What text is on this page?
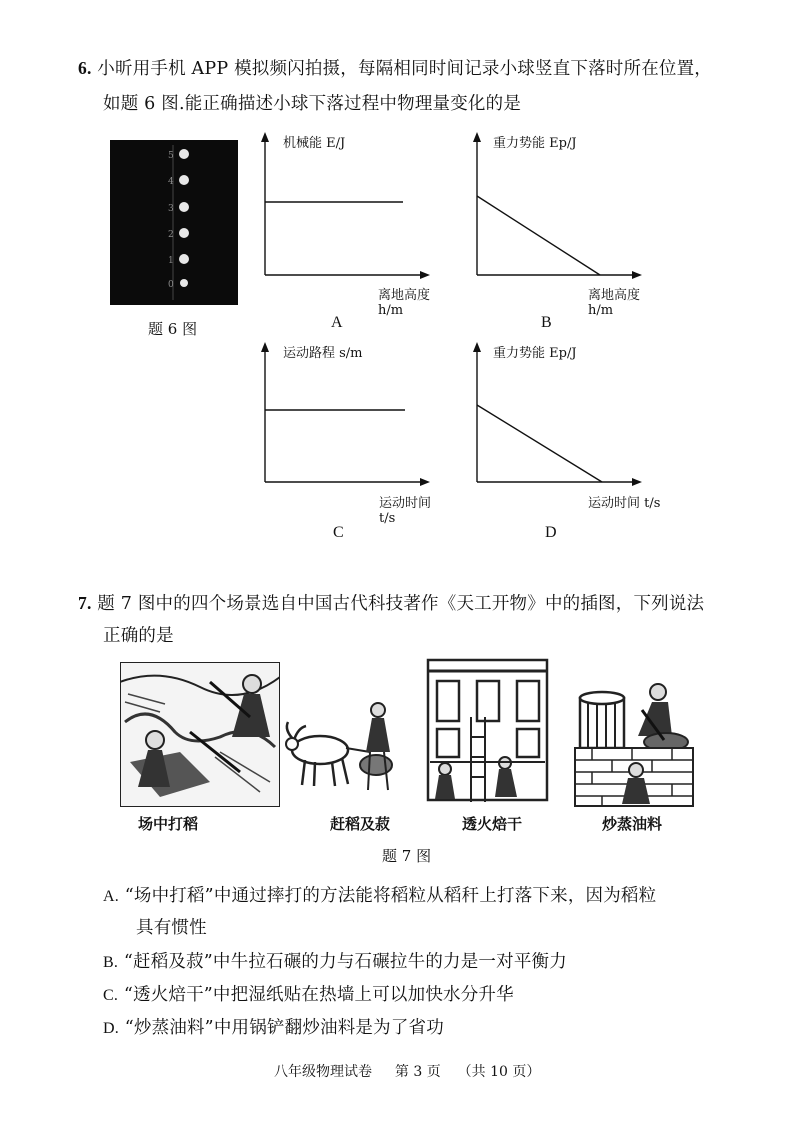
6. 小昕用手机 APP 模拟频闪拍摄，每隔相同时间记录小球竖直下落时所在位置，
如题 6 图.能正确描述小球下落过程中物理量变化的是
5
4
3
2
1
0
题 6 图
机械能 E/J
离地高度 h/m
A
重力势能 Ep/J
离地高度 h/m
B
运动路程 s/m
运动时间 t/s
C
重力势能 Ep/J
运动时间 t/s
D
7. 题 7 图中的四个场景选自中国古代科技著作《天工开物》中的插图，下列说法
正确的是
场中打稻	赶稻及菽	透火焙干	炒蒸油料
题 7 图
A. “场中打稻”中通过摔打的方法能将稻粒从稻秆上打落下来，因为稻粒
具有惯性
B. “赶稻及菽”中牛拉石碾的力与石碾拉牛的力是一对平衡力
C. “透火焙干”中把湿纸贴在热墙上可以加快水分升华
D. “炒蒸油料”中用锅铲翻炒油料是为了省功
八年级物理试卷 第 3 页 （共 10 页）
